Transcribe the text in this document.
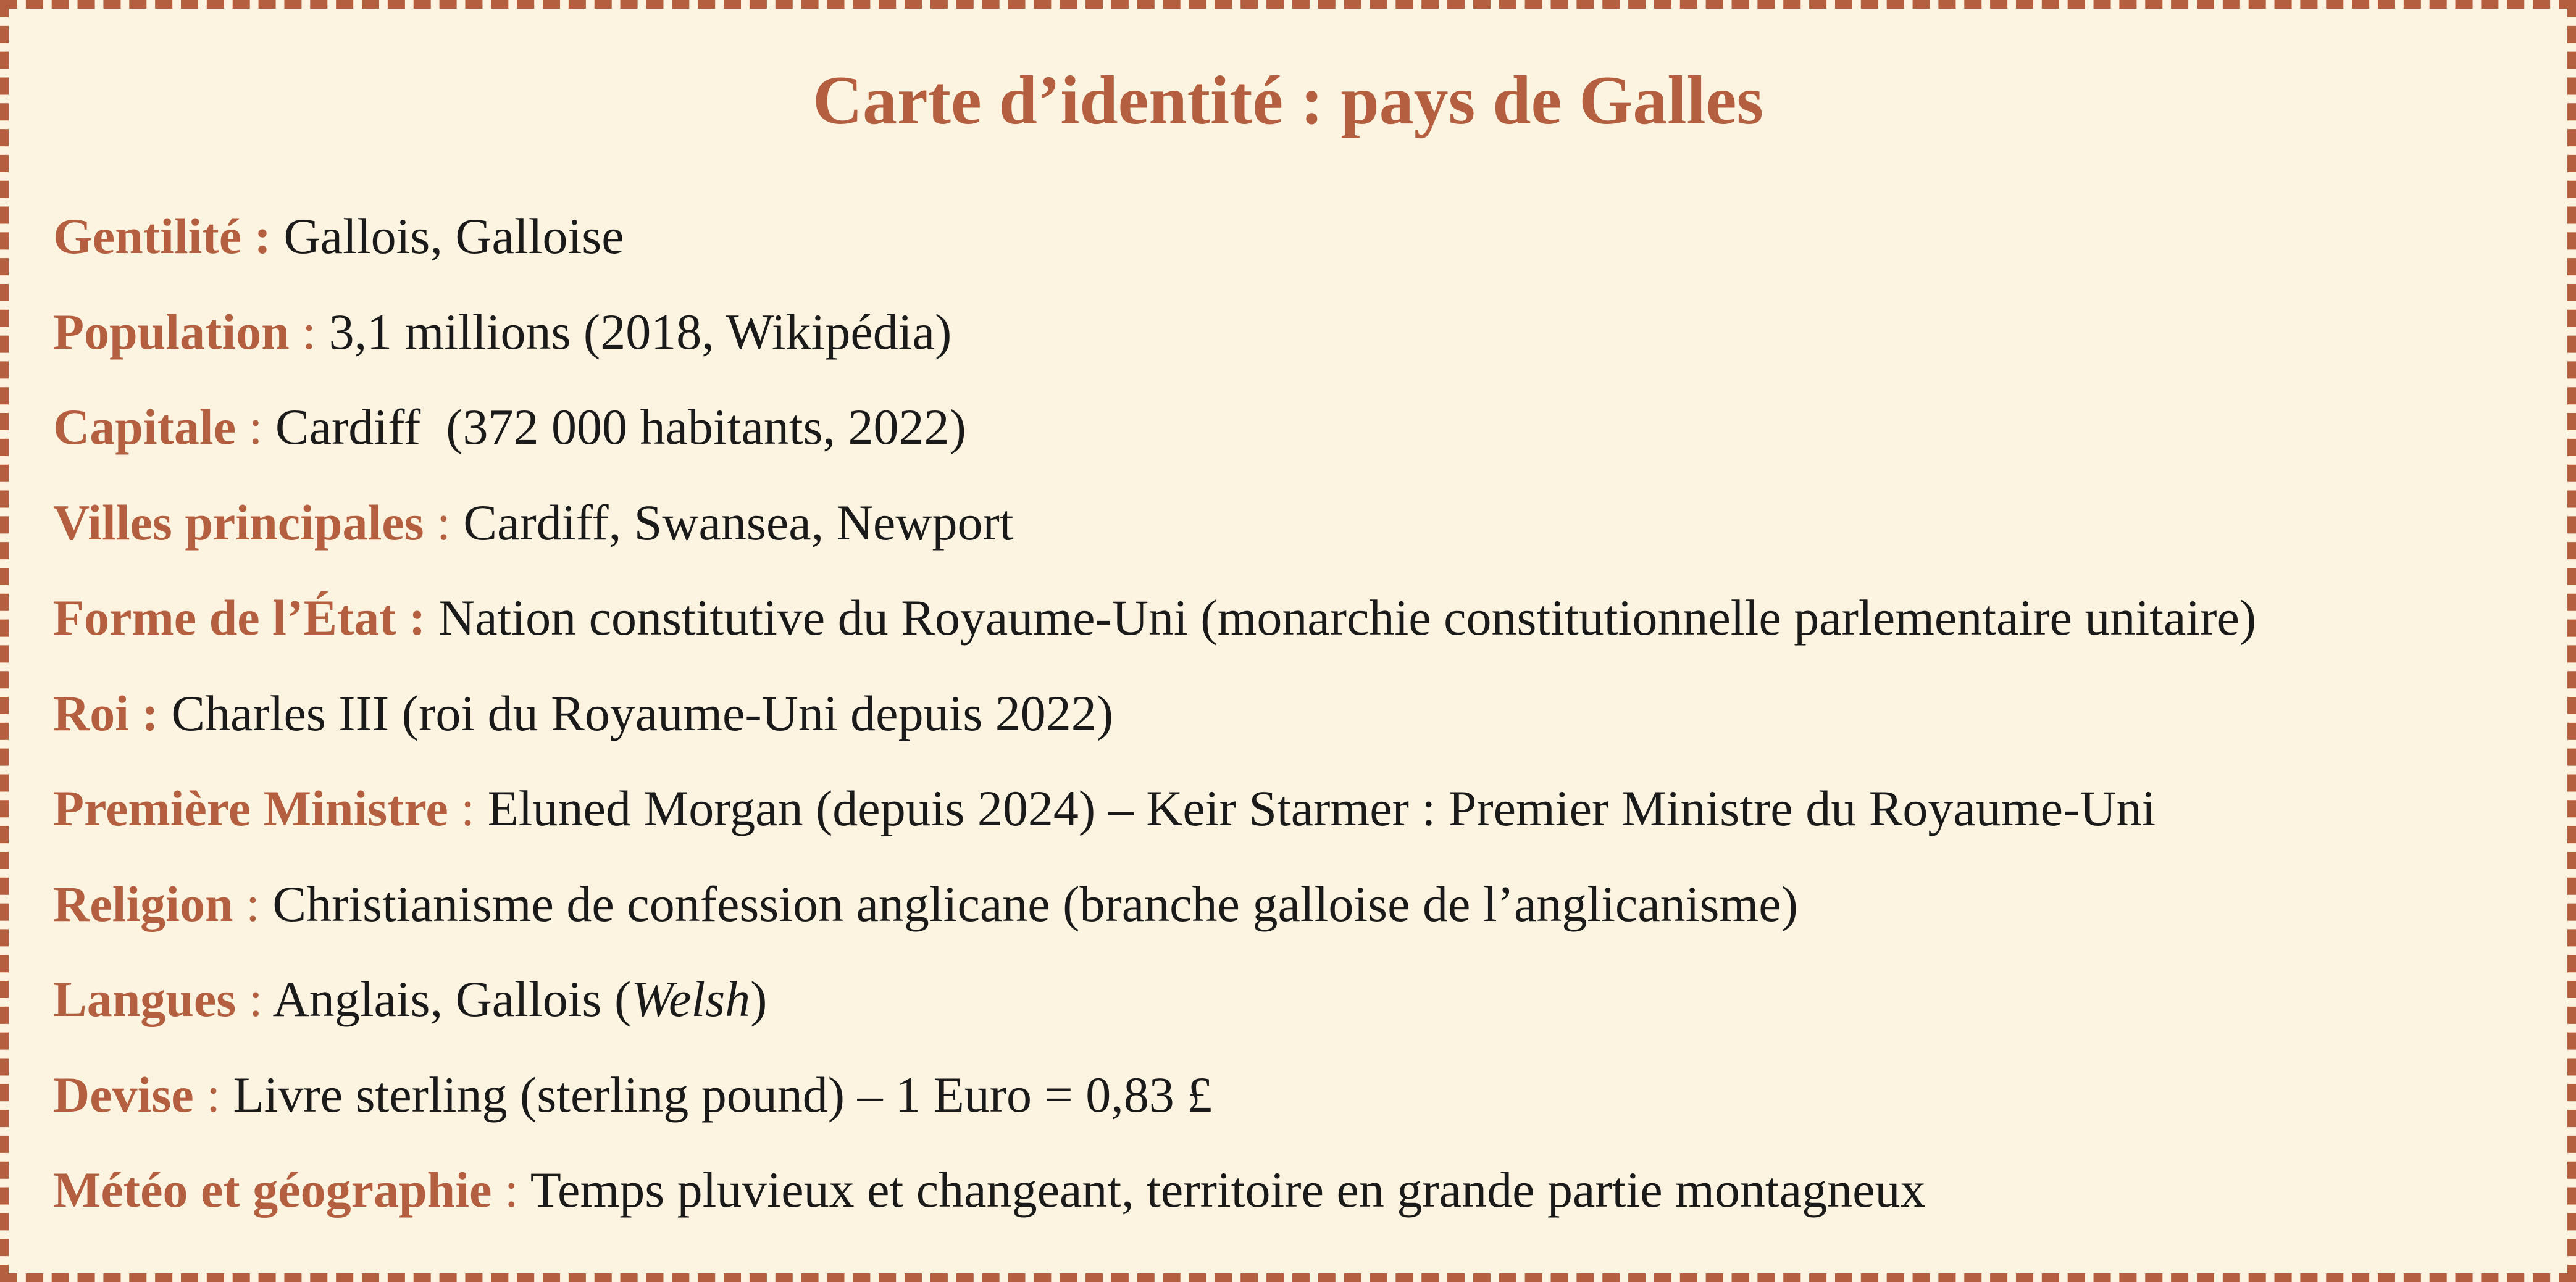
Carte d’identité : pays de Galles
Gentilité : Gallois, Galloise
Population : 3,1 millions (2018, Wikipédia)
Capitale : Cardiff  (372 000 habitants, 2022)
Villes principales : Cardiff, Swansea, Newport
Forme de l’État : Nation constitutive du Royaume-Uni (monarchie constitutionnelle parlementaire unitaire)
Roi : Charles III (roi du Royaume-Uni depuis 2022)
Première Ministre : Eluned Morgan (depuis 2024) – Keir Starmer : Premier Ministre du Royaume-Uni
Religion : Christianisme de confession anglicane (branche galloise de l’anglicanisme)
Langues : Anglais, Gallois (Welsh)
Devise : Livre sterling (sterling pound) – 1 Euro = 0,83 £
Météo et géographie : Temps pluvieux et changeant, territoire en grande partie montagneux
